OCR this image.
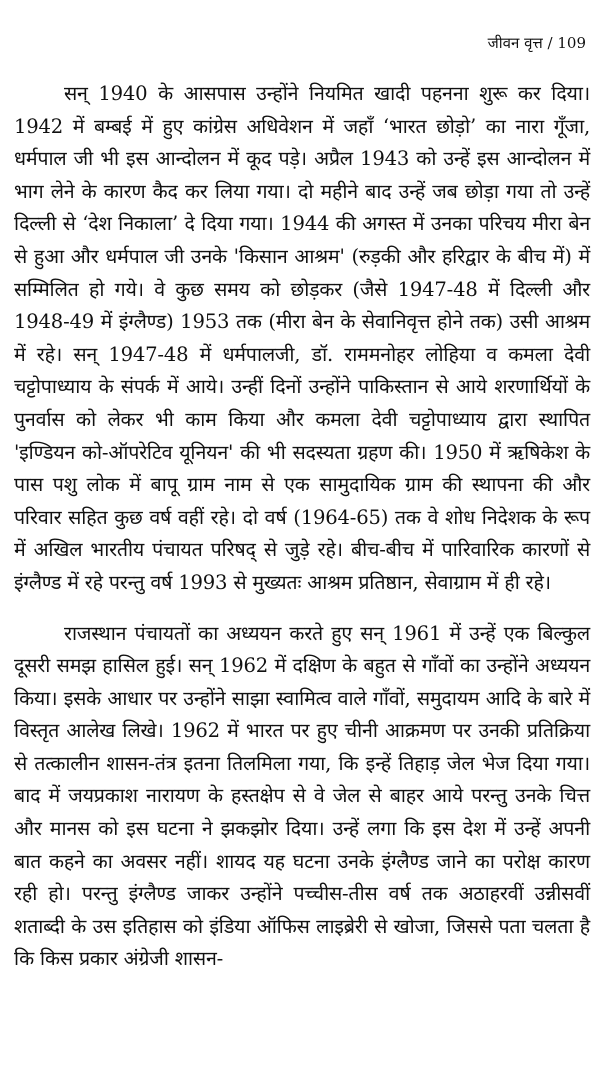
जीवन वृत्त / 109

सन् 1940 के आसपास उन्होंने नियमित खादी पहनना शुरू कर दिया। 1942 में बम्बई में हुए कांग्रेस अधिवेशन में जहाँ ‘भारत छोड़ो’ का नारा गूँजा, धर्मपाल जी भी इस आन्दोलन में कूद पड़े। अप्रैल 1943 को उन्हें इस आन्दोलन में भाग लेने के कारण कैद कर लिया गया। दो महीने बाद उन्हें जब छोड़ा गया तो उन्हें दिल्ली से ‘देश निकाला’ दे दिया गया। 1944 की अगस्त में उनका परिचय मीरा बेन से हुआ और धर्मपाल जी उनके 'किसान आश्रम' (रुड़की और हरिद्वार के बीच में) में सम्मिलित हो गये। वे कुछ समय को छोड़कर (जैसे 1947-48 में दिल्ली और 1948-49 में इंग्लैण्ड) 1953 तक (मीरा बेन के सेवानिवृत्त होने तक) उसी आश्रम में रहे। सन् 1947-48 में धर्मपालजी, डॉ. राममनोहर लोहिया व कमला देवी चट्टोपाध्याय के संपर्क में आये। उन्हीं दिनों उन्होंने पाकिस्तान से आये शरणार्थियों के पुनर्वास को लेकर भी काम किया और कमला देवी चट्टोपाध्याय द्वारा स्थापित 'इण्डियन को-ऑपरेटिव यूनियन' की भी सदस्यता ग्रहण की। 1950 में ऋषिकेश के पास पशु लोक में बापू ग्राम नाम से एक सामुदायिक ग्राम की स्थापना की और परिवार सहित कुछ वर्ष वहीं रहे। दो वर्ष (1964-65) तक वे शोध निदेशक के रूप में अखिल भारतीय पंचायत परिषद् से जुड़े रहे। बीच-बीच में पारिवारिक कारणों से इंग्लैण्ड में रहे परन्तु वर्ष 1993 से मुख्यतः आश्रम प्रतिष्ठान, सेवाग्राम में ही रहे।

राजस्थान पंचायतों का अध्ययन करते हुए सन् 1961 में उन्हें एक बिल्कुल दूसरी समझ हासिल हुई। सन् 1962 में दक्षिण के बहुत से गाँवों का उन्होंने अध्ययन किया। इसके आधार पर उन्होंने साझा स्वामित्व वाले गाँवों, समुदायम आदि के बारे में विस्तृत आलेख लिखे। 1962 में भारत पर हुए चीनी आक्रमण पर उनकी प्रतिक्रिया से तत्कालीन शासन-तंत्र इतना तिलमिला गया, कि इन्हें तिहाड़ जेल भेज दिया गया। बाद में जयप्रकाश नारायण के हस्तक्षेप से वे जेल से बाहर आये परन्तु उनके चित्त और मानस को इस घटना ने झकझोर दिया। उन्हें लगा कि इस देश में उन्हें अपनी बात कहने का अवसर नहीं। शायद यह घटना उनके इंग्लैण्ड जाने का परोक्ष कारण रही हो। परन्तु इंग्लैण्ड जाकर उन्होंने पच्चीस-तीस वर्ष तक अठाहरवीं उन्नीसवीं शताब्दी के उस इतिहास को इंडिया ऑफिस लाइब्रेरी से खोजा, जिससे पता चलता है कि किस प्रकार अंग्रेजी शासन-
